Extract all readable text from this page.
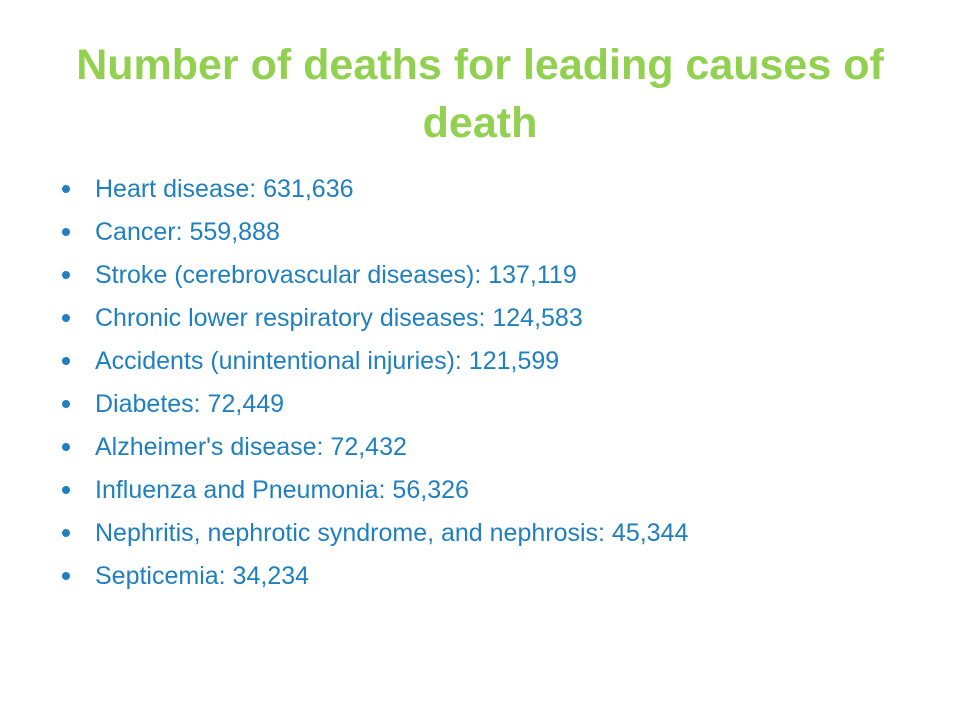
Number of deaths for leading causes of death
Heart disease: 631,636
Cancer: 559,888
Stroke (cerebrovascular diseases): 137,119
Chronic lower respiratory diseases: 124,583
Accidents (unintentional injuries): 121,599
Diabetes: 72,449
Alzheimer's disease: 72,432
Influenza and Pneumonia: 56,326
Nephritis, nephrotic syndrome, and nephrosis: 45,344
Septicemia: 34,234
